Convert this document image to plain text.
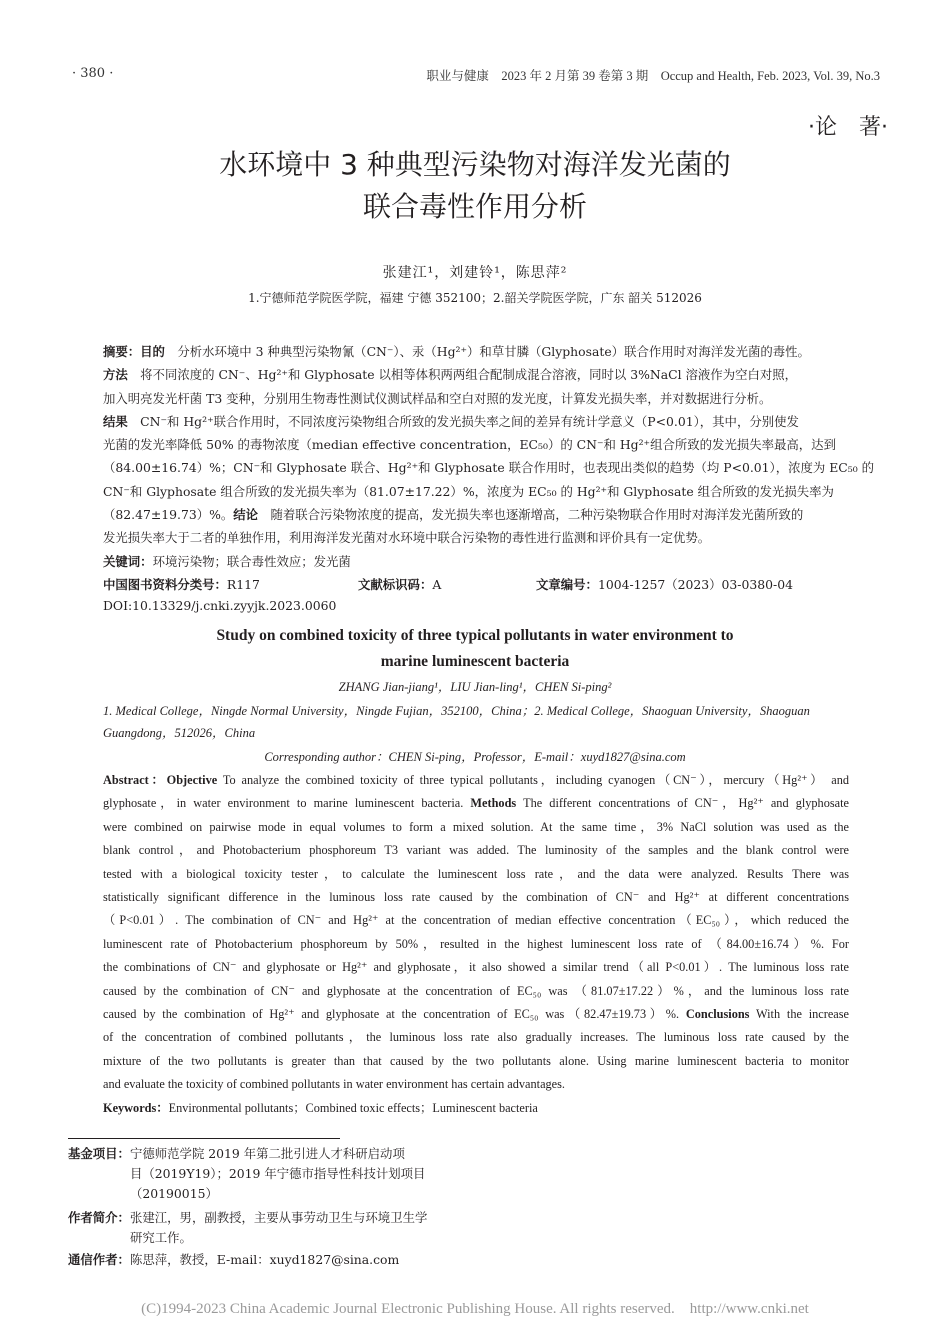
· 380 ·	职业与健康　2023 年 2 月第 39 卷第 3 期　Occup and Health, Feb. 2023, Vol. 39, No.3
·论　著·
水环境中 3 种典型污染物对海洋发光菌的
联合毒性作用分析
张建江¹，刘建铃¹，陈思萍²
1.宁德师范学院医学院，福建 宁德 352100；2.韶关学院医学院，广东 韶关 512026
摘要：目的　分析水环境中 3 种典型污染物氰（CN⁻）、汞（Hg²⁺）和草甘膦（Glyphosate）联合作用时对海洋发光菌的毒性。
方法　将不同浓度的 CN⁻、Hg²⁺和 Glyphosate 以相等体积两两组合配制成混合溶液，同时以 3%NaCl 溶液作为空白对照，
加入明亮发光杆菌 T3 变种，分别用生物毒性测试仪测试样品和空白对照的发光度，计算发光损失率，并对数据进行分析。
结果　CN⁻和 Hg²⁺联合作用时，不同浓度污染物组合所致的发光损失率之间的差异有统计学意义（P<0.01），其中，分别使发
光菌的发光率降低 50% 的毒物浓度（median effective concentration，EC₅₀）的 CN⁻和 Hg²⁺组合所致的发光损失率最高，达到
（84.00±16.74）%；CN⁻和 Glyphosate 联合、Hg²⁺和 Glyphosate 联合作用时，也表现出类似的趋势（均 P<0.01），浓度为 EC₅₀ 的
CN⁻和 Glyphosate 组合所致的发光损失率为（81.07±17.22）%，浓度为 EC₅₀ 的 Hg²⁺和 Glyphosate 组合所致的发光损失率为
（82.47±19.73）%。结论　随着联合污染物浓度的提高，发光损失率也逐渐增高，二种污染物联合作用时对海洋发光菌所致的
发光损失率大于二者的单独作用，利用海洋发光菌对水环境中联合污染物的毒性进行监测和评价具有一定优势。
关键词：环境污染物；联合毒性效应；发光菌
中国图书资料分类号：R117	文献标识码：A	文章编号：1004-1257（2023）03-0380-04
DOI:10.13329/j.cnki.zyyjk.2023.0060
Study on combined toxicity of three typical pollutants in water environment to
marine luminescent bacteria
ZHANG Jian-jiang¹，LIU Jian-ling¹，CHEN Si-ping²
1. Medical College，Ningde Normal University，Ningde Fujian，352100，China；2. Medical College，Shaoguan University，Shaoguan
Guangdong，512026，China
Corresponding author：CHEN Si-ping，Professor，E-mail：xuyd1827@sina.com
Abstract：Objective To analyze the combined toxicity of three typical pollutants，including cyanogen（CN⁻），mercury（Hg²⁺） and
glyphosate，in water environment to marine luminescent bacteria. Methods The different concentrations of CN⁻，Hg²⁺ and glyphosate
were combined on pairwise mode in equal volumes to form a mixed solution. At the same time，3% NaCl solution was used as the
blank control，and Photobacterium phosphoreum T3 variant was added. The luminosity of the samples and the blank control were
tested with a biological toxicity tester，to calculate the luminescent loss rate，and the data were analyzed. Results There was
statistically significant difference in the luminous loss rate caused by the combination of CN⁻ and Hg²⁺ at different concentrations
（P<0.01）. The combination of CN⁻ and Hg²⁺ at the concentration of median effective concentration（EC₅₀），which reduced the
luminescent rate of Photobacterium phosphoreum by 50%，resulted in the highest luminescent loss rate of （84.00±16.74）%. For
the combinations of CN⁻ and glyphosate or Hg²⁺ and glyphosate，it also showed a similar trend（all P<0.01）. The luminous loss rate
caused by the combination of CN⁻ and glyphosate at the concentration of EC₅₀ was （81.07±17.22）%，and the luminous loss rate
caused by the combination of Hg²⁺ and glyphosate at the concentration of EC₅₀ was（82.47±19.73）%. Conclusions With the increase
of the concentration of combined pollutants，the luminous loss rate also gradually increases. The luminous loss rate caused by the
mixture of the two pollutants is greater than that caused by the two pollutants alone. Using marine luminescent bacteria to monitor
and evaluate the toxicity of combined pollutants in water environment has certain advantages.
Keywords：Environmental pollutants；Combined toxic effects；Luminescent bacteria
基金项目： 宁德师范学院 2019 年第二批引进人才科研启动项
目（2019Y19）；2019 年宁德市指导性科技计划项目
（20190015）
作者简介： 张建江，男，副教授，主要从事劳动卫生与环境卫生学
研究工作。
通信作者： 陈思萍，教授，E-mail：xuyd1827@sina.com
(C)1994-2023 China Academic Journal Electronic Publishing House. All rights reserved.　http://www.cnki.net
